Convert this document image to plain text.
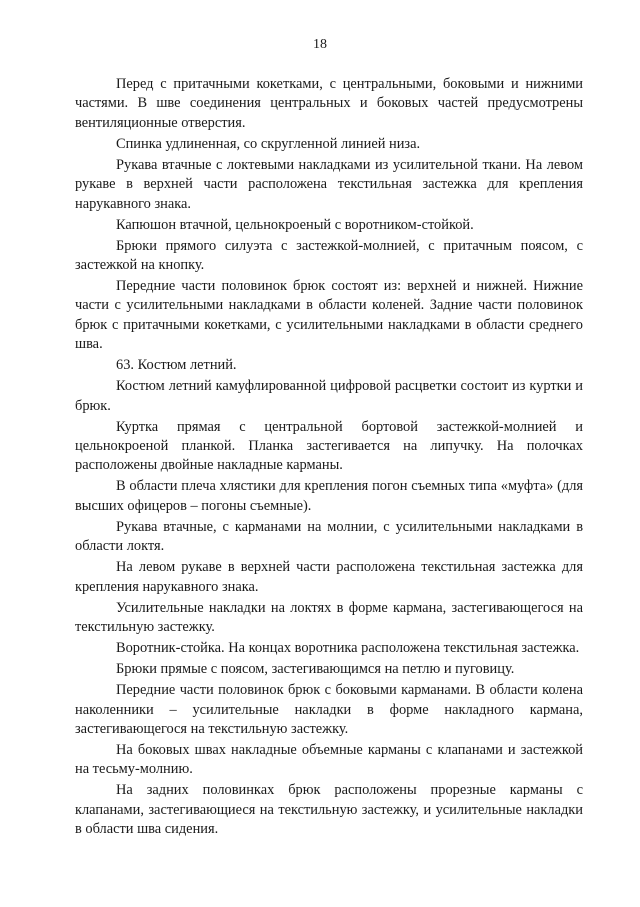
18

Перед с притачными кокетками, с центральными, боковыми и нижними частями. В шве соединения центральных и боковых частей предусмотрены вентиляционные отверстия.

Спинка удлиненная, со скругленной линией низа.

Рукава втачные с локтевыми накладками из усилительной ткани. На левом рукаве в верхней части расположена текстильная застежка для крепления нарукавного знака.

Капюшон втачной, цельнокроеный с воротником-стойкой.

Брюки прямого силуэта с застежкой-молнией, с притачным поясом, с застежкой на кнопку.

Передние части половинок брюк состоят из: верхней и нижней. Нижние части с усилительными накладками в области коленей. Задние части половинок брюк с притачными кокетками, с усилительными накладками в области среднего шва.

63. Костюм летний.

Костюм летний камуфлированной цифровой расцветки состоит из куртки и брюк.

Куртка прямая с центральной бортовой застежкой-молнией и цельнокроеной планкой. Планка застегивается на липучку. На полочках расположены двойные накладные карманы.

В области плеча хлястики для крепления погон съемных типа «муфта» (для высших офицеров – погоны съемные).

Рукава втачные, с карманами на молнии, с усилительными накладками в области локтя.

На левом рукаве в верхней части расположена текстильная застежка для крепления нарукавного знака.

Усилительные накладки на локтях в форме кармана, застегивающегося на текстильную застежку.

Воротник-стойка. На концах воротника расположена текстильная застежка.

Брюки прямые с поясом, застегивающимся на петлю и пуговицу.

Передние части половинок брюк с боковыми карманами. В области колена наколенники – усилительные накладки в форме накладного кармана, застегивающегося на текстильную застежку.

На боковых швах накладные объемные карманы с клапанами и застежкой на тесьму-молнию.

На задних половинках брюк расположены прорезные карманы с клапанами, застегивающиеся на текстильную застежку, и усилительные накладки в области шва сидения.
